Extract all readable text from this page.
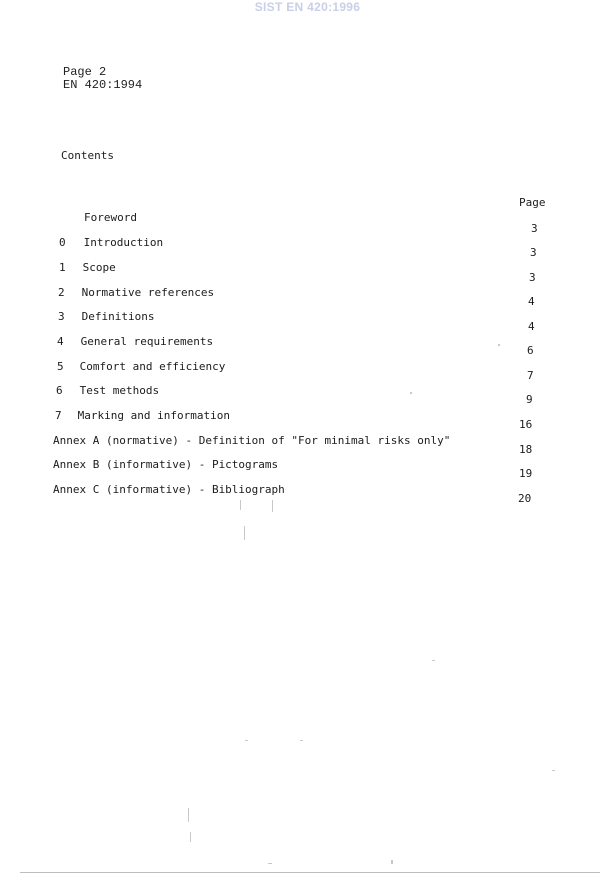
SIST EN 420:1996
Page 2
EN 420:1994
Contents
Page
Foreword
0 Introduction
1 Scope
2 Normative references
3 Definitions
4 General requirements
5 Comfort and efficiency
6 Test methods
7 Marking and information
Annex A (normative) - Definition of "For minimal risks only"
Annex B (informative) - Pictograms
Annex C (informative) - Bibliograph
3
3
3
4
4
6
7
9
16
18
19
20
